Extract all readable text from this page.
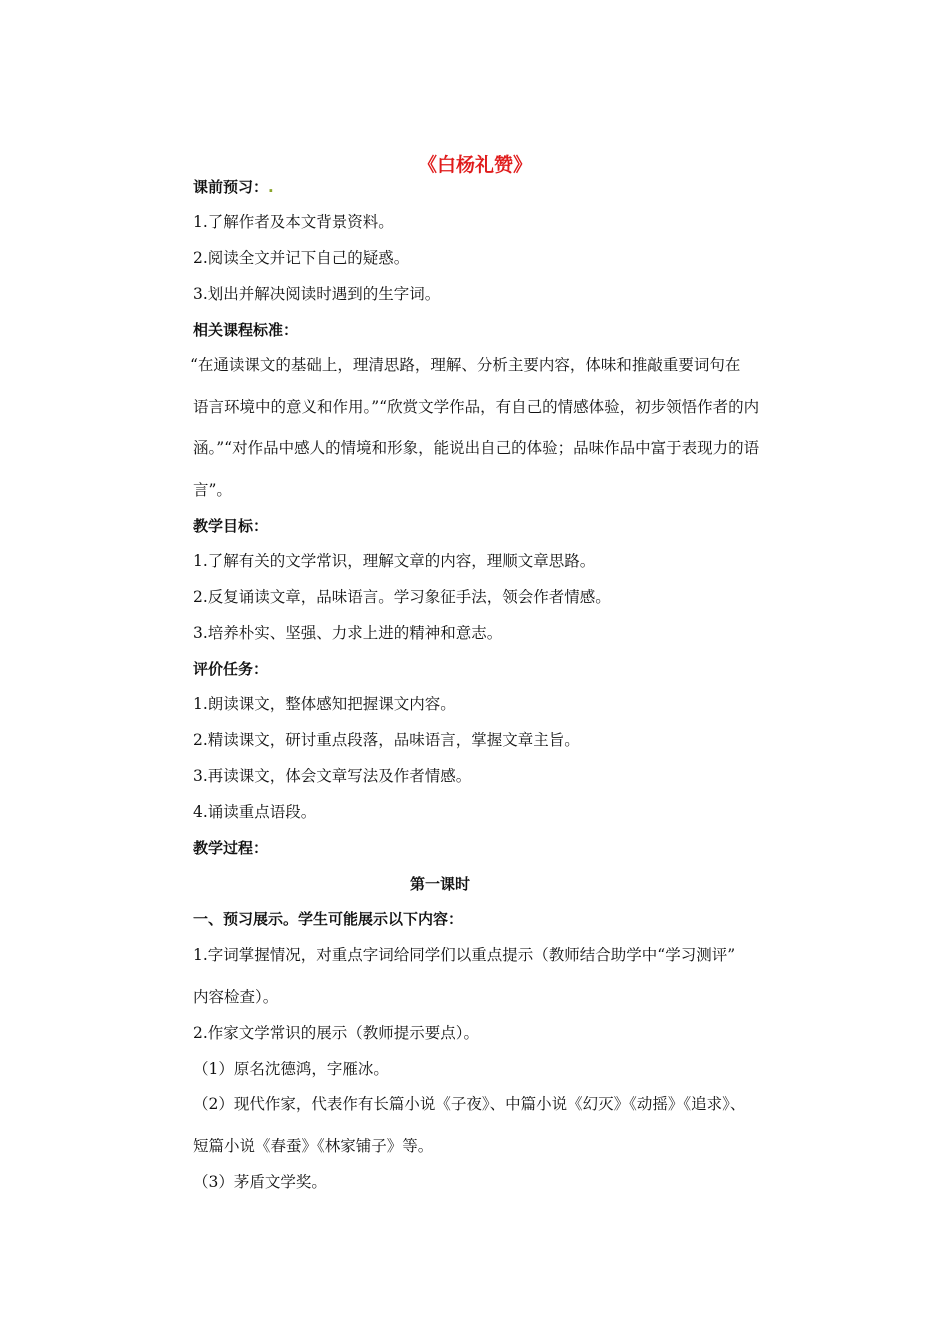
《白杨礼赞》
课前预习：.
1.了解作者及本文背景资料。
2.阅读全文并记下自己的疑惑。
3.划出并解决阅读时遇到的生字词。
相关课程标准：
“在通读课文的基础上，理清思路，理解、分析主要内容，体味和推敲重要词句在
语言环境中的意义和作用。”“欣赏文学作品，有自己的情感体验，初步领悟作者的内
涵。”“对作品中感人的情境和形象，能说出自己的体验；品味作品中富于表现力的语
言”。
教学目标：
1.了解有关的文学常识，理解文章的内容，理顺文章思路。
2.反复诵读文章，品味语言。学习象征手法，领会作者情感。
3.培养朴实、坚强、力求上进的精神和意志。
评价任务：
1.朗读课文，整体感知把握课文内容。
2.精读课文，研讨重点段落，品味语言，掌握文章主旨。
3.再读课文，体会文章写法及作者情感。
4.诵读重点语段。
教学过程：
第一课时
一、预习展示。学生可能展示以下内容：
1.字词掌握情况，对重点字词给同学们以重点提示（教师结合助学中“学习测评”
内容检查）。
2.作家文学常识的展示（教师提示要点）。
（1）原名沈德鸿，字雁冰。
（2）现代作家，代表作有长篇小说《子夜》、中篇小说《幻灭》《动摇》《追求》、
短篇小说《春蚕》《林家铺子》等。
（3）茅盾文学奖。
